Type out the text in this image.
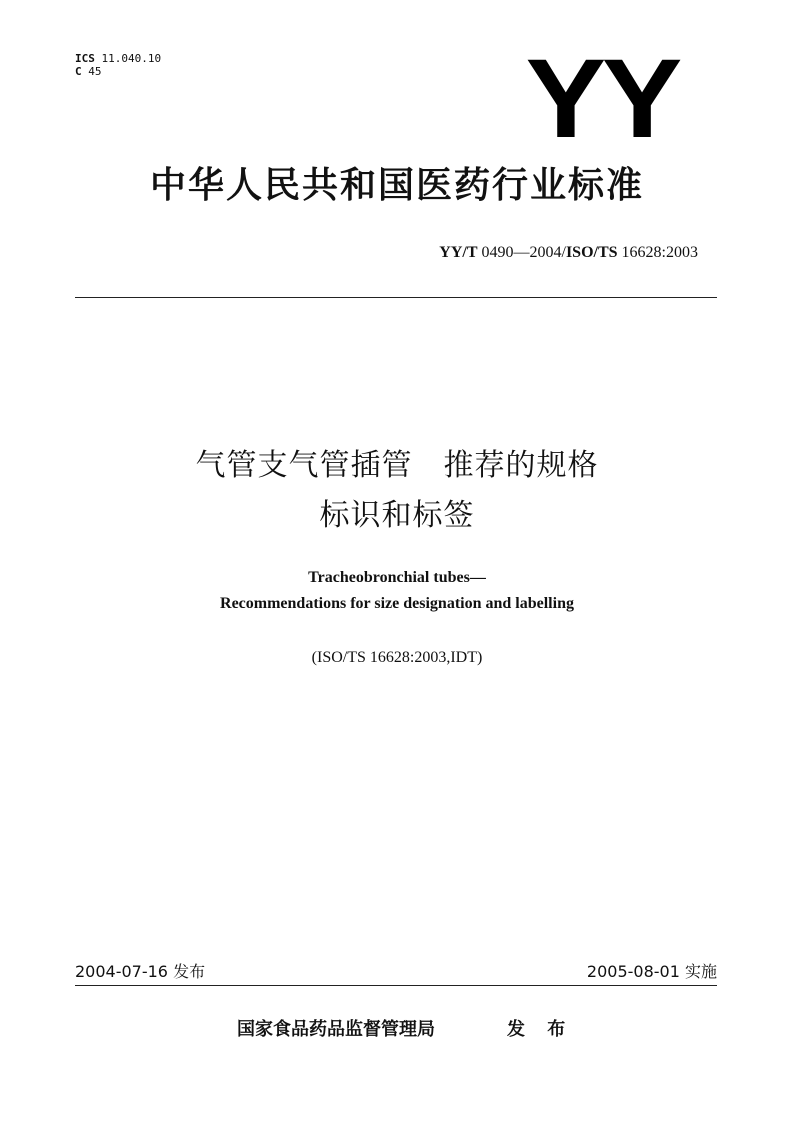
ICS 11.040.10
C 45	YY
中华人民共和国医药行业标准
YY/T 0490—2004/ISO/TS 16628:2003
气管支气管插管　推荐的规格
标识和标签
Tracheobronchial tubes—
Recommendations for size designation and labelling
(ISO/TS 16628:2003,IDT)
2004-07-16 发布	2005-08-01 实施
国家食品药品监督管理局	发 布
